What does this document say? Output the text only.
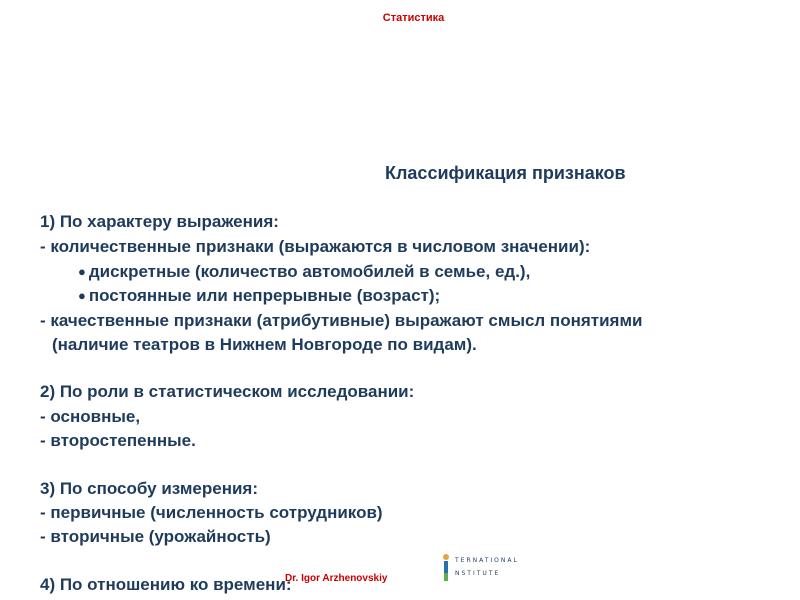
Статистика
Классификация признаков
1) По характеру выражения:
- количественные признаки (выражаются в числовом значении):
● дискретные (количество автомобилей в семье, ед.),
● постоянные или непрерывные (возраст);
- качественные признаки (атрибутивные) выражают смысл понятиями
(наличие театров в Нижнем Новгороде по видам).
2) По роли в статистическом исследовании:
- основные,
- второстепенные.
3) По способу измерения:
- первичные (численность сотрудников)
- вторичные (урожайность)
4) По отношению ко времени:
Dr. Igor Arzhenovskiy
TERNATIONAL
NSTITUTE
